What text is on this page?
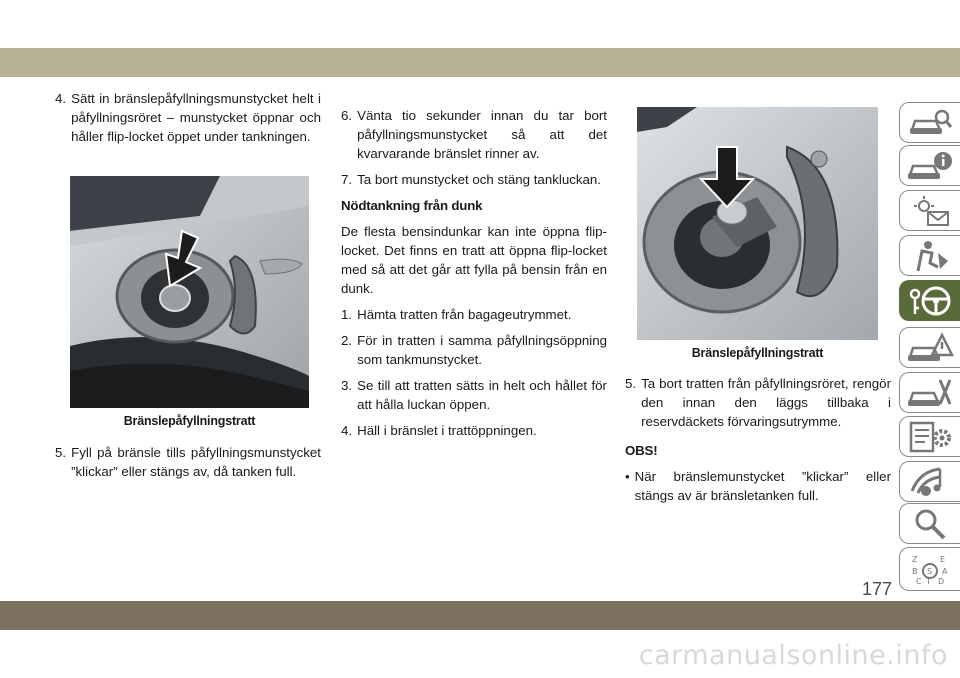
4. Sätt in bränslepåfyllningsmunstycket helt i påfyllningsröret – munstycket öppnar och håller flip-locket öppet under tankningen.
Bränslepåfyllningstratt
5. Fyll på bränsle tills påfyllningsmunstycket ”klickar” eller stängs av, då tanken full.
6. Vänta tio sekunder innan du tar bort påfyllningsmunstycket så att det kvarvarande bränslet rinner av.
7. Ta bort munstycket och stäng tankluckan.
Nödtankning från dunk

De flesta bensindunkar kan inte öppna flip-locket. Det finns en tratt att öppna flip-locket med så att det går att fylla på bensin från en dunk.

1. Hämta tratten från bagageutrymmet.
2. För in tratten i samma påfyllningsöppning som tankmunstycket.
3. Se till att tratten sätts in helt och hållet för att hålla luckan öppen.
4. Häll i bränslet i trattöppningen.
Bränslepåfyllningstratt
5. Ta bort tratten från påfyllningsröret, rengör den innan den läggs tillbaka i reservdäckets förvaringsutrymme.
OBS!
• När bränslemunstycket ”klickar” eller stängs av är bränsletanken full.
Z	E
B S A
C T D
177
carmanualsonline.info
